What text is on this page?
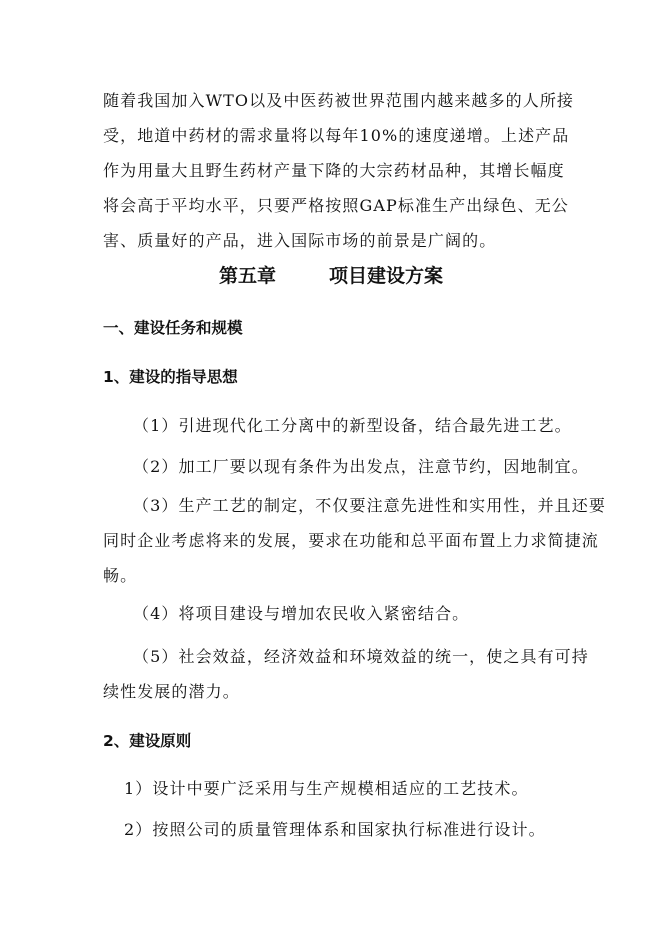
随着我国加入WTO以及中医药被世界范围内越来越多的人所接
受，地道中药材的需求量将以每年10%的速度递增。上述产品
作为用量大且野生药材产量下降的大宗药材品种，其增长幅度
将会高于平均水平，只要严格按照GAP标准生产出绿色、无公
害、质量好的产品，进入国际市场的前景是广阔的。
第五章        项目建设方案
一、建设任务和规模
1、建设的指导思想
（1）引进现代化工分离中的新型设备，结合最先进工艺。
（2）加工厂要以现有条件为出发点，注意节约，因地制宜。
（3）生产工艺的制定，不仅要注意先进性和实用性，并且还要
同时企业考虑将来的发展，要求在功能和总平面布置上力求简捷流
畅。
（4）将项目建设与增加农民收入紧密结合。
（5）社会效益，经济效益和环境效益的统一，使之具有可持
续性发展的潜力。
2、建设原则
1）设计中要广泛采用与生产规模相适应的工艺技术。
2）按照公司的质量管理体系和国家执行标准进行设计。
